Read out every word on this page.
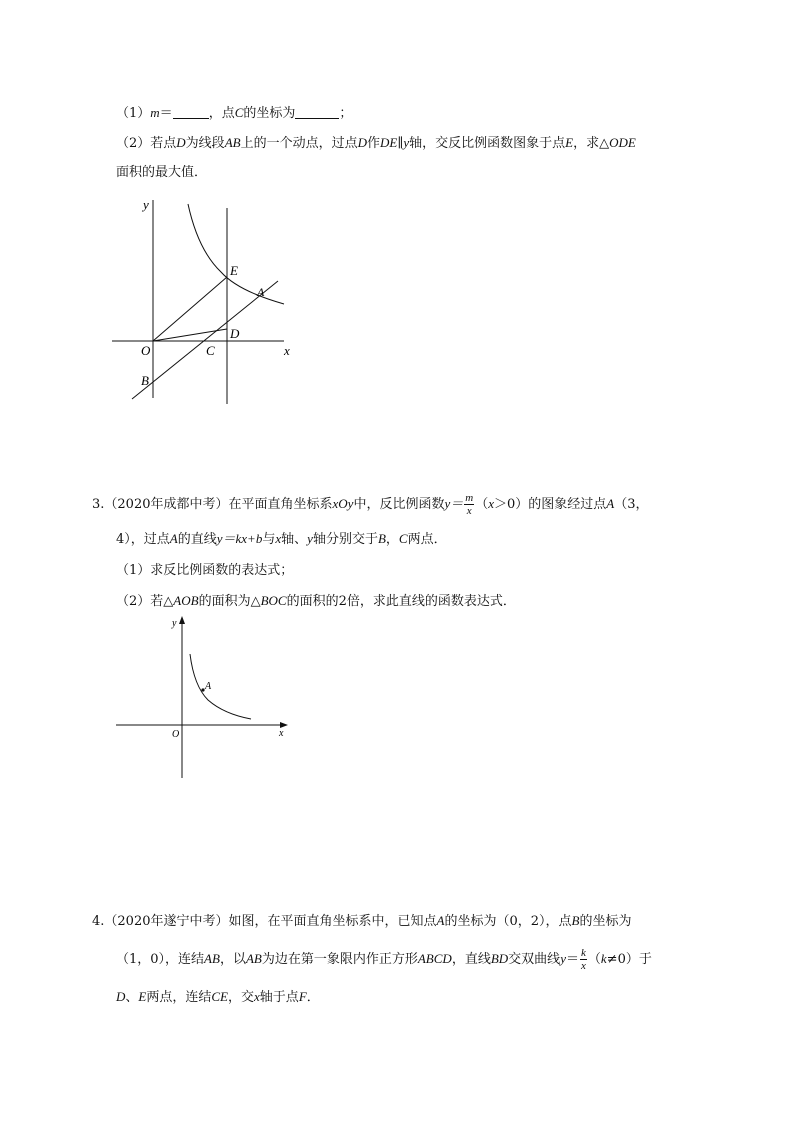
（1）m＝	，点C的坐标为	；
（2）若点D为线段AB上的一个动点，过点D作DE∥y轴，交反比例函数图象于点E，求△ODE
面积的最大值．
y
x
O
B
C
D
E
A
3.（2020年成都中考）在平面直角坐标系xOy中，反比例函数$y= \frac{m}{x} (x>0)$的图象经过点A（3，
4），过点A的直线y＝kx+b与x轴、y轴分别交于B，C两点．
（1）求反比例函数的表达式；
（2）若△AOB的面积为△BOC的面积的2倍，求此直线的函数表达式．
y
x
O
A
4.（2020年遂宁中考）如图，在平面直角坐标系中，已知点A的坐标为（0，2），点B的坐标为
（1，0），连结AB，以AB为边在第一象限内作正方形ABCD，直线BD交双曲线$y= \frac{k}{x} (k\ne 0)$于
D、E两点，连结CE，交x轴于点F．
